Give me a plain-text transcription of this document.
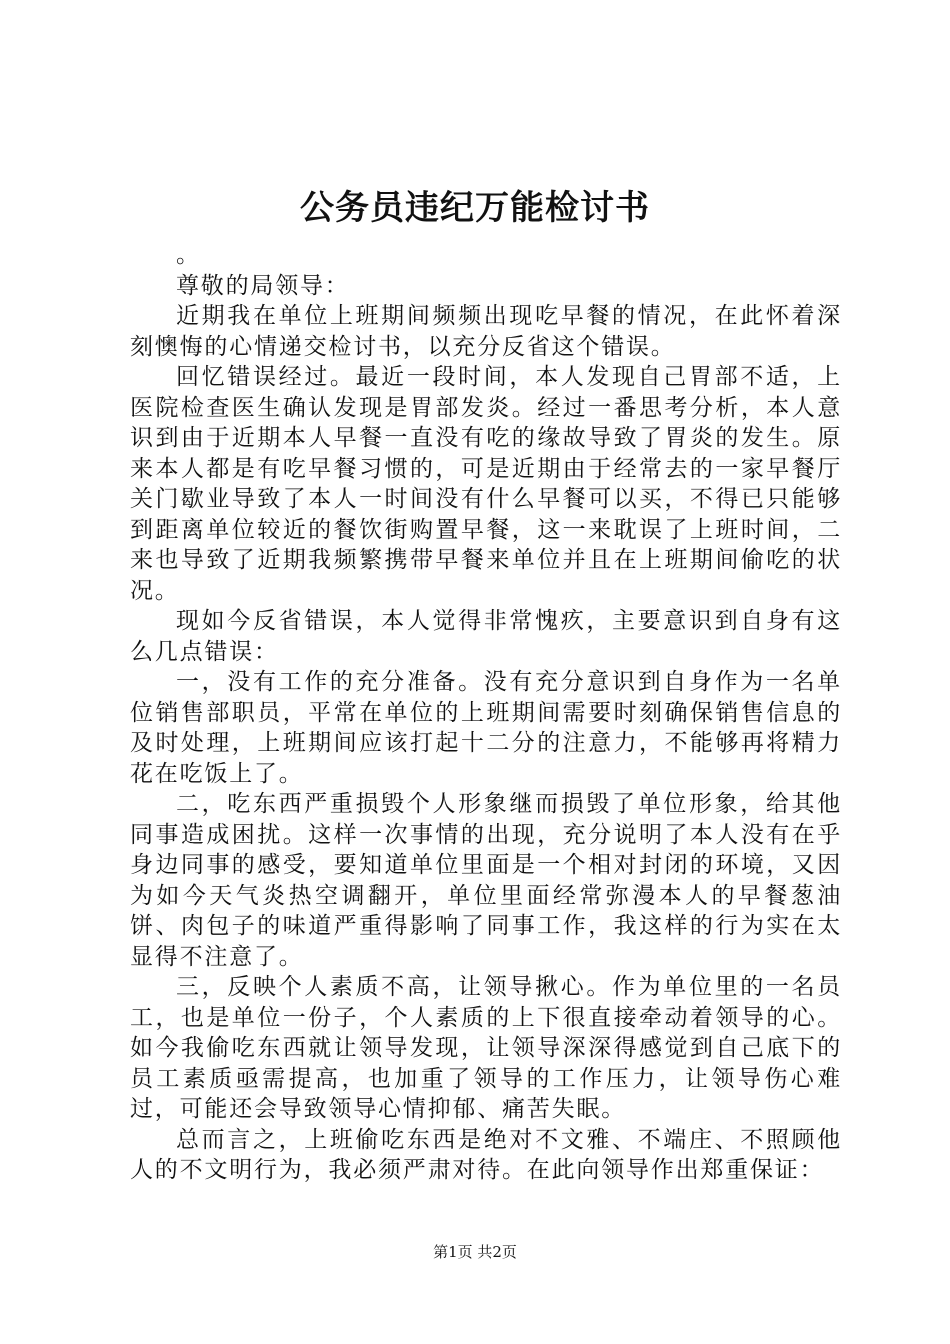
公务员违纪万能检讨书

。

尊敬的局领导：

近期我在单位上班期间频频出现吃早餐的情况，在此怀着深刻懊悔的心情递交检讨书，以充分反省这个错误。

回忆错误经过。最近一段时间，本人发现自己胃部不适，上医院检查医生确认发现是胃部发炎。经过一番思考分析，本人意识到由于近期本人早餐一直没有吃的缘故导致了胃炎的发生。原来本人都是有吃早餐习惯的，可是近期由于经常去的一家早餐厅关门歇业导致了本人一时间没有什么早餐可以买，不得已只能够到距离单位较近的餐饮街购置早餐，这一来耽误了上班时间，二来也导致了近期我频繁携带早餐来单位并且在上班期间偷吃的状况。

现如今反省错误，本人觉得非常愧疚，主要意识到自身有这么几点错误：

一，没有工作的充分准备。没有充分意识到自身作为一名单位销售部职员，平常在单位的上班期间需要时刻确保销售信息的及时处理，上班期间应该打起十二分的注意力，不能够再将精力花在吃饭上了。

二，吃东西严重损毁个人形象继而损毁了单位形象，给其他同事造成困扰。这样一次事情的出现，充分说明了本人没有在乎身边同事的感受，要知道单位里面是一个相对封闭的环境，又因为如今天气炎热空调翻开，单位里面经常弥漫本人的早餐葱油饼、肉包子的味道严重得影响了同事工作，我这样的行为实在太显得不注意了。

三，反映个人素质不高，让领导揪心。作为单位里的一名员工，也是单位一份子，个人素质的上下很直接牵动着领导的心。如今我偷吃东西就让领导发现，让领导深深得感觉到自己底下的员工素质亟需提高，也加重了领导的工作压力，让领导伤心难过，可能还会导致领导心情抑郁、痛苦失眠。

总而言之，上班偷吃东西是绝对不文雅、不端庄、不照顾他人的不文明行为，我必须严肃对待。在此向领导作出郑重保证：

第1页 共2页
